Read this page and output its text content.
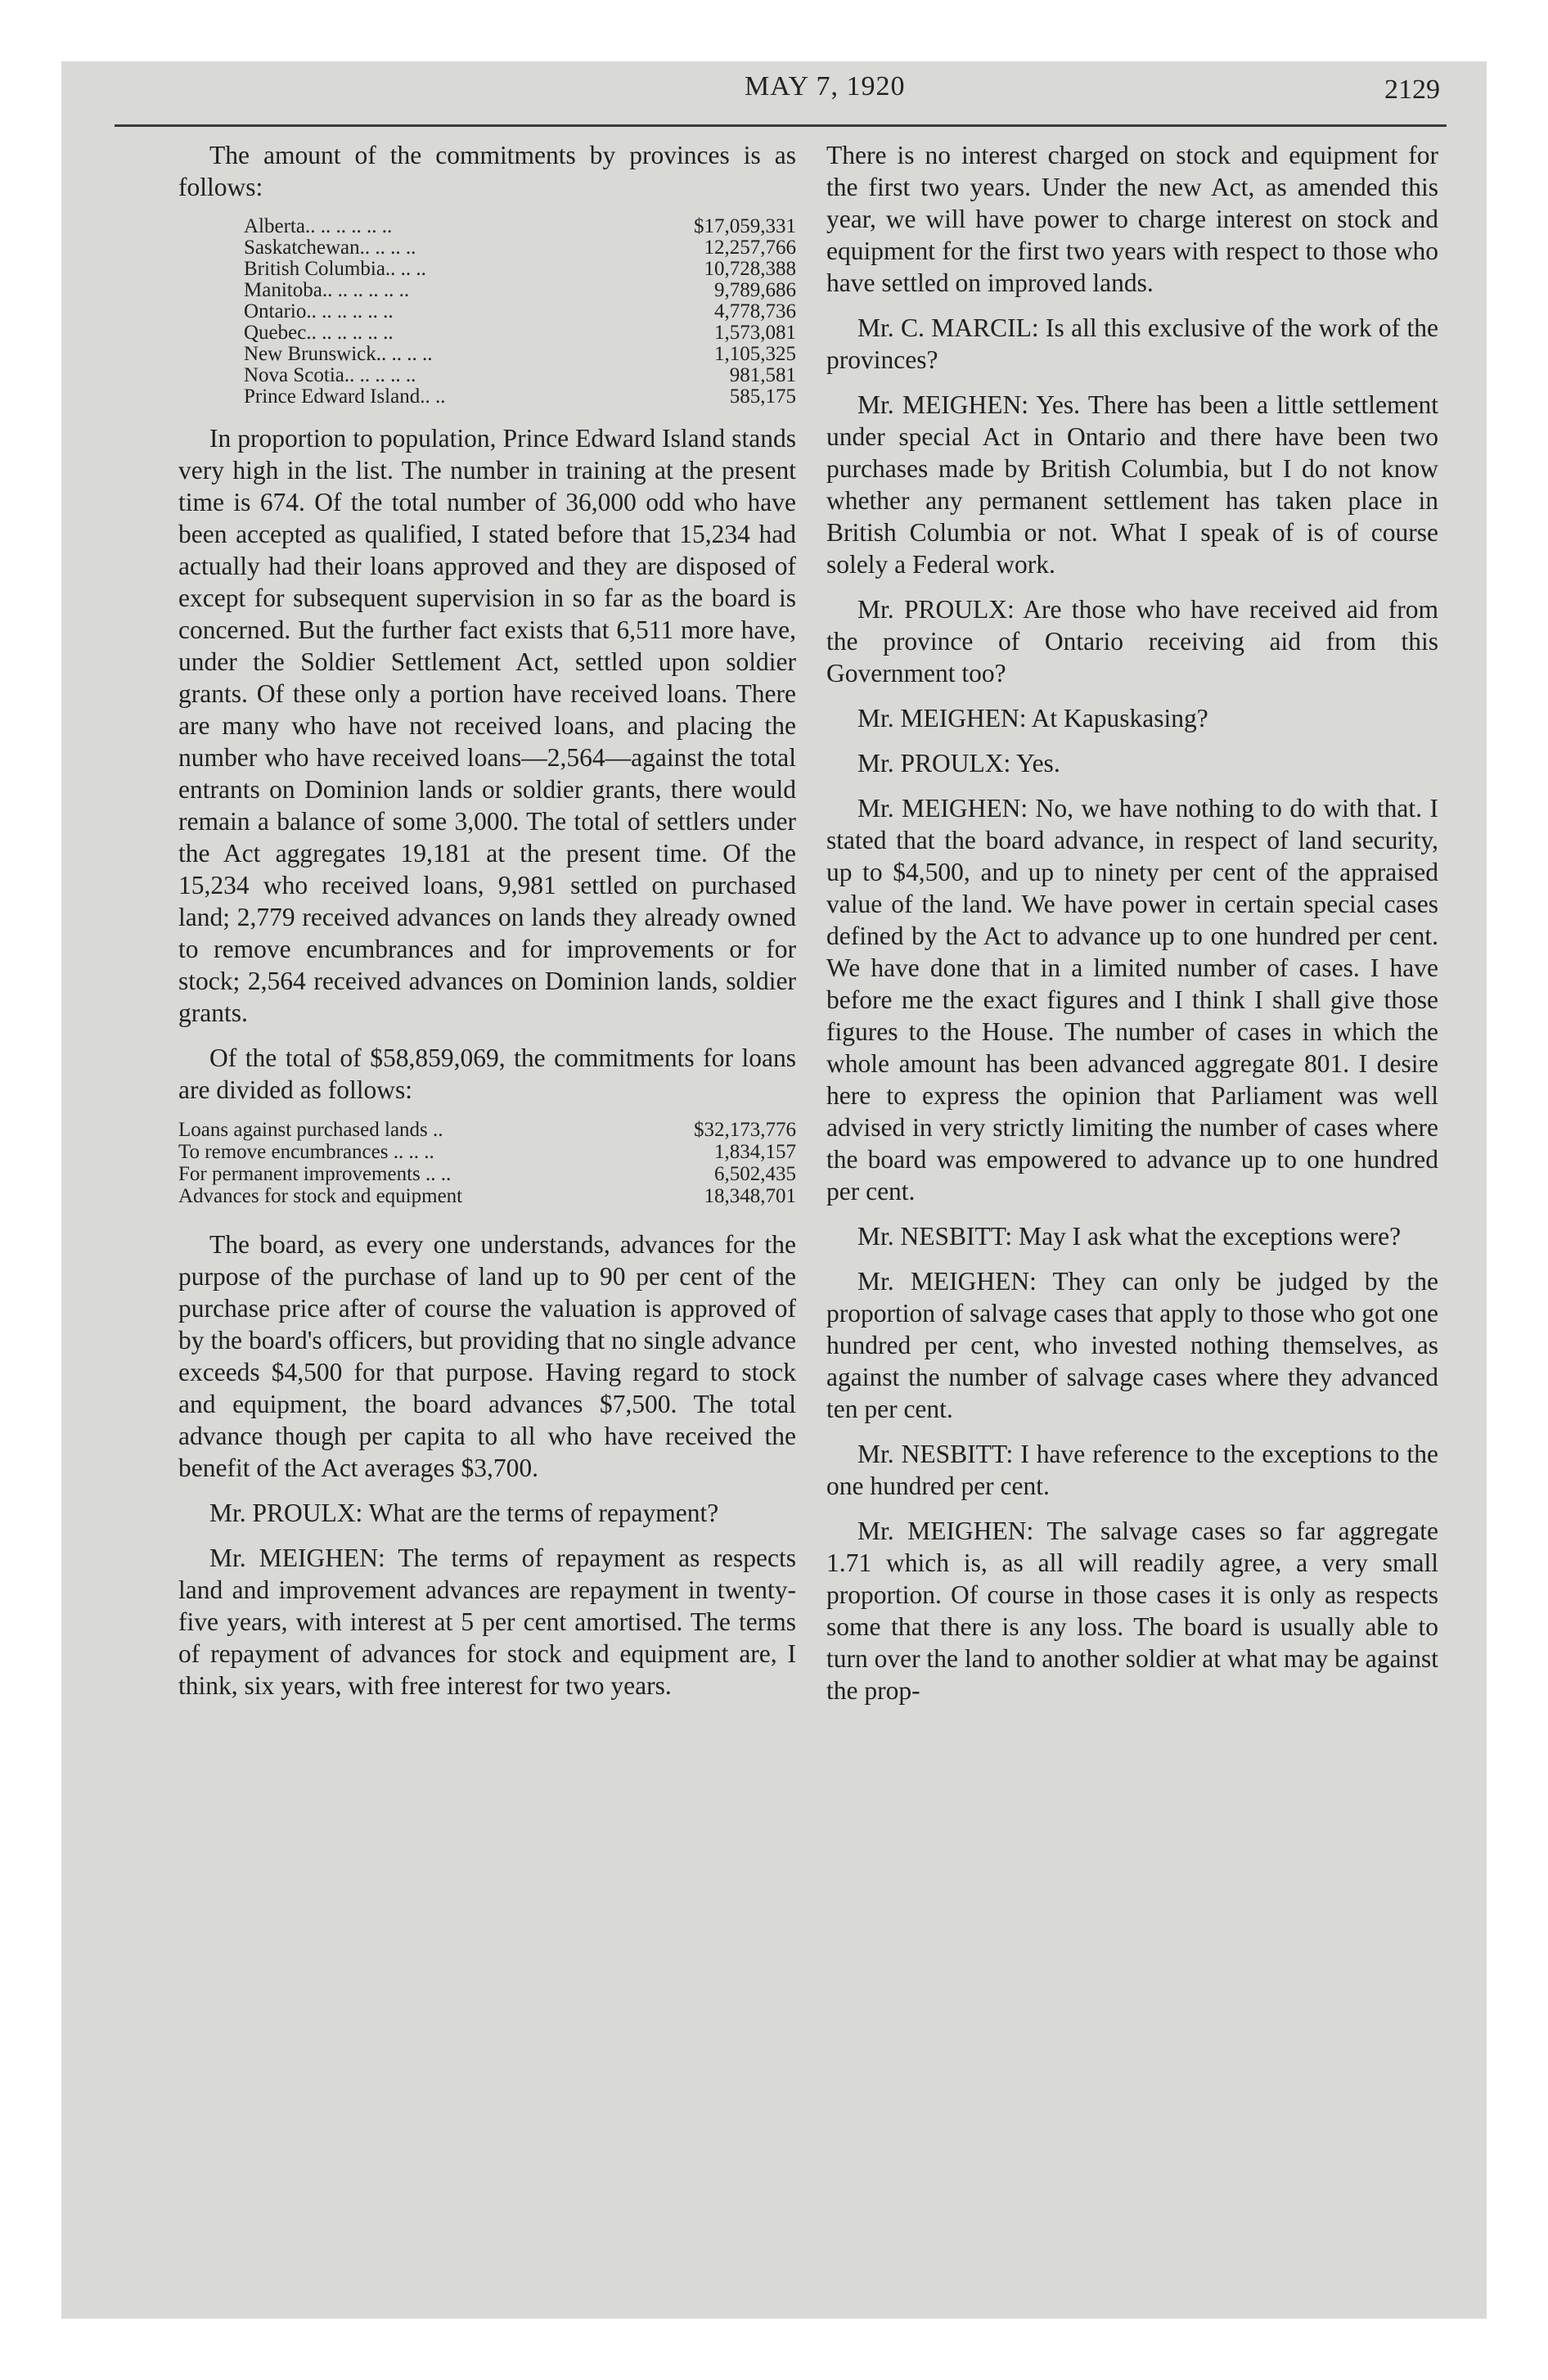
MAY 7, 1920	2129

The amount of the commitments by provinces is as follows:

Alberta.. .. .. .. .. ..	$17,059,331
Saskatchewan.. .. .. ..	12,257,766
British Columbia.. .. ..	10,728,388
Manitoba.. .. .. .. .. ..	9,789,686
Ontario.. .. .. .. .. ..	4,778,736
Quebec.. .. .. .. .. ..	1,573,081
New Brunswick.. .. .. ..	1,105,325
Nova Scotia.. .. .. .. ..	981,581
Prince Edward Island.. ..	585,175

In proportion to population, Prince Edward Island stands very high in the list. The number in training at the present time is 674. Of the total number of 36,000 odd who have been accepted as qualified, I stated before that 15,234 had actually had their loans approved and they are disposed of except for subsequent supervision in so far as the board is concerned. But the further fact exists that 6,511 more have, under the Soldier Settlement Act, settled upon soldier grants. Of these only a portion have received loans. There are many who have not received loans, and placing the number who have received loans—2,564—against the total entrants on Dominion lands or soldier grants, there would remain a balance of some 3,000. The total of settlers under the Act aggregates 19,181 at the present time. Of the 15,234 who received loans, 9,981 settled on purchased land; 2,779 received advances on lands they already owned to remove encumbrances and for improvements or for stock; 2,564 received advances on Dominion lands, soldier grants.

Of the total of $58,859,069, the commitments for loans are divided as follows:

Loans against purchased lands ..	$32,173,776
To remove encumbrances .. .. ..	1,834,157
For permanent improvements .. ..	6,502,435
Advances for stock and equipment	18,348,701

The board, as every one understands, advances for the purpose of the purchase of land up to 90 per cent of the purchase price after of course the valuation is approved of by the board's officers, but providing that no single advance exceeds $4,500 for that purpose. Having regard to stock and equipment, the board advances $7,500. The total advance though per capita to all who have received the benefit of the Act averages $3,700.

Mr. PROULX: What are the terms of repayment?

Mr. MEIGHEN: The terms of repayment as respects land and improvement advances are repayment in twenty-five years, with interest at 5 per cent amortised. The terms of repayment of advances for stock and equipment are, I think, six years, with free interest for two years.

There is no interest charged on stock and equipment for the first two years. Under the new Act, as amended this year, we will have power to charge interest on stock and equipment for the first two years with respect to those who have settled on improved lands.

Mr. C. MARCIL: Is all this exclusive of the work of the provinces?

Mr. MEIGHEN: Yes. There has been a little settlement under special Act in Ontario and there have been two purchases made by British Columbia, but I do not know whether any permanent settlement has taken place in British Columbia or not. What I speak of is of course solely a Federal work.

Mr. PROULX: Are those who have received aid from the province of Ontario receiving aid from this Government too?

Mr. MEIGHEN: At Kapuskasing?

Mr. PROULX: Yes.

Mr. MEIGHEN: No, we have nothing to do with that. I stated that the board advance, in respect of land security, up to $4,500, and up to ninety per cent of the appraised value of the land. We have power in certain special cases defined by the Act to advance up to one hundred per cent. We have done that in a limited number of cases. I have before me the exact figures and I think I shall give those figures to the House. The number of cases in which the whole amount has been advanced aggregate 801. I desire here to express the opinion that Parliament was well advised in very strictly limiting the number of cases where the board was empowered to advance up to one hundred per cent.

Mr. NESBITT: May I ask what the exceptions were?

Mr. MEIGHEN: They can only be judged by the proportion of salvage cases that apply to those who got one hundred per cent, who invested nothing themselves, as against the number of salvage cases where they advanced ten per cent.

Mr. NESBITT: I have reference to the exceptions to the one hundred per cent.

Mr. MEIGHEN: The salvage cases so far aggregate 1.71 which is, as all will readily agree, a very small proportion. Of course in those cases it is only as respects some that there is any loss. The board is usually able to turn over the land to another soldier at what may be against the prop-
